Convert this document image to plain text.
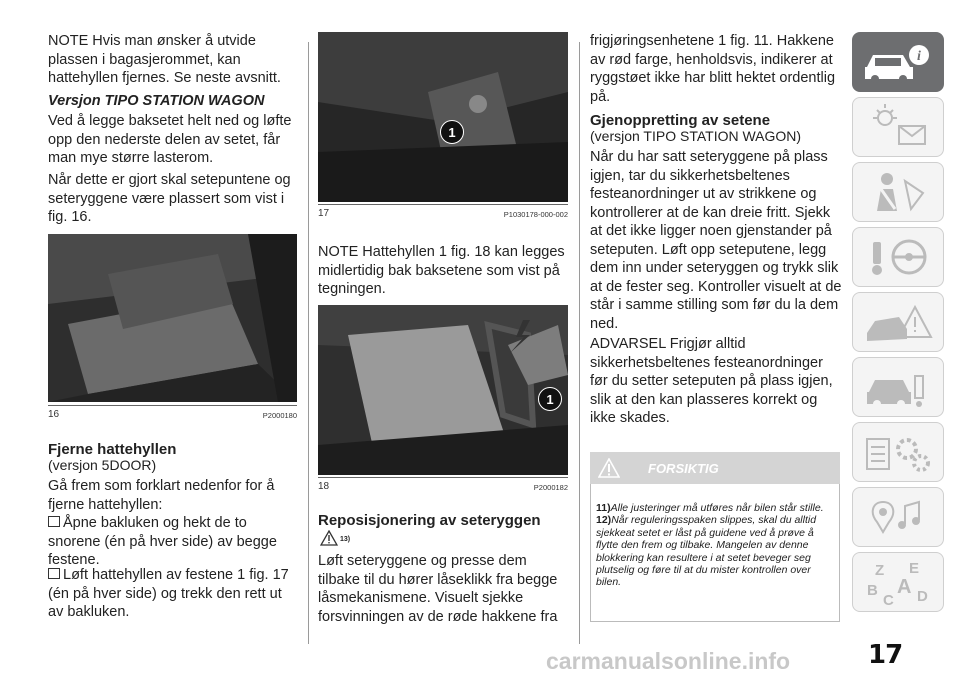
NOTE Hvis man ønsker å utvide plassen i bagasjerommet, kan hattehyllen fjernes. Se neste avsnitt.

Versjon TIPO STATION WAGON

Ved å legge baksetet helt ned og løfte opp den nederste delen av setet, får man mye større lasterom.

Når dette er gjort skal setepuntene og seteryggene være plassert som vist i fig. 16.

16	P2000180

Fjerne hattehyllen

(versjon 5DOOR)

Gå frem som forklart nedenfor for å fjerne hattehyllen:

Åpne bakluken og hekt de to snorene (én på hver side) av begge festene.

Løft hattehyllen av festene 1 fig. 17 (én på hver side) og trekk den rett ut av bakluken.

1
17	P1030178-000-002

NOTE Hattehyllen 1 fig. 18 kan legges midlertidig bak baksetene som vist på tegningen.

1
18	P2000182

Reposisjonering av seteryggen

13)

Løft seteryggene og presse dem tilbake til du hører låseklikk fra begge låsmekanismene. Visuelt sjekke forsvinningen av de røde hakkene fra

frigjøringsenhetene 1 fig. 11. Hakkene av rød farge, henholdsvis, indikerer at ryggstøet ikke har blitt hektet ordentlig på.

Gjenoppretting av setene

(versjon TIPO STATION WAGON)

Når du har satt seteryggene på plass igjen, tar du sikkerhetsbeltenes festeanordninger ut av strikkene og kontrollerer at de kan dreie fritt. Sjekk at det ikke ligger noen gjenstander på seteputen. Løft opp seteputene, legg dem inn under seteryggen og trykk slik at de fester seg. Kontroller visuelt at de står i samme stilling som før du la dem ned.

ADVARSEL Frigjør alltid sikkerhetsbeltenes festeanordninger før du setter seteputen på plass igjen, slik at den kan plasseres korrekt og ikke skades.

FORSIKTIG

11)Alle justeringer må utføres når bilen står stille.

12)Når reguleringsspaken slippes, skal du alltid sjekkeat setet er låst på guidene ved å prøve å flytte den frem og tilbake. Mangelen av denne blokkering kan resultere i at setet beveger seg plutselig og føre til at du mister kontrollen over bilen.

i
Z E
B A
C D
carmanualsonline.info	17
